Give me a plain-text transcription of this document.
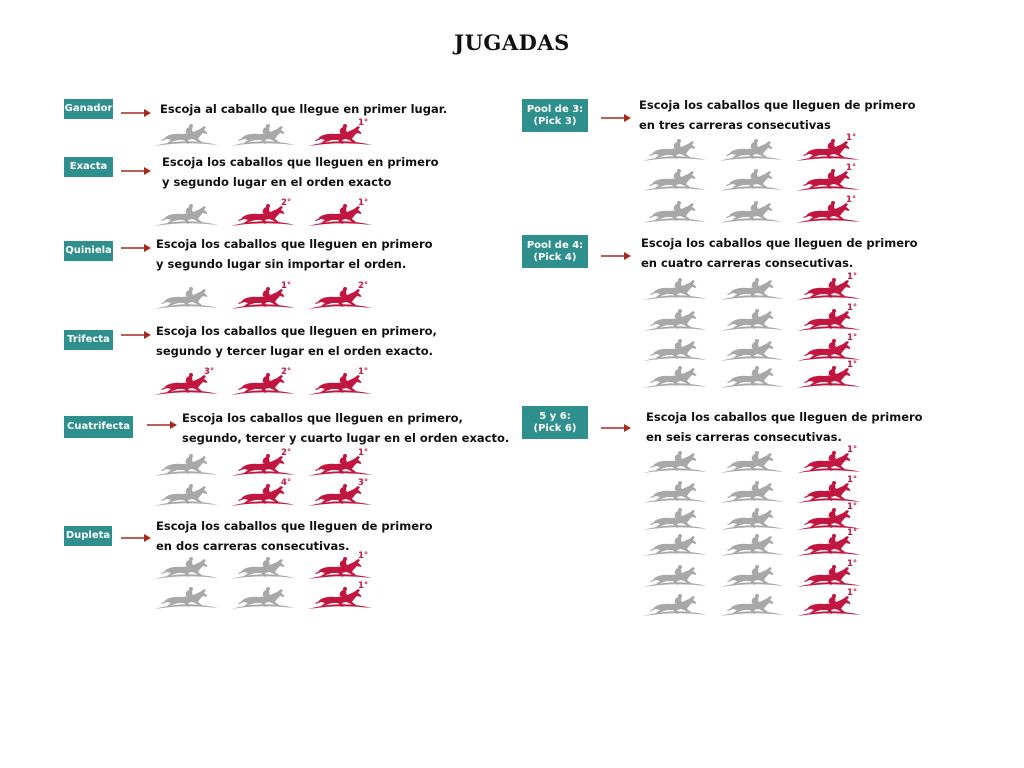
JUGADAS
Ganador	Escoja al caballo que llegue en primer lugar.
1°
Exacta	Escoja los caballos que lleguen en primero
y segundo lugar en el orden exacto
2°	1°
Quiniela	Escoja los caballos que lleguen en primero
y segundo lugar sin importar el orden.
1°	2°
Trifecta
Escoja los caballos que lleguen en primero,
segundo y tercer lugar en el orden exacto.
3°	2°	1°
Cuatrifecta
Escoja los caballos que lleguen en primero,
segundo, tercer y cuarto lugar en el orden exacto.
2°	1°
4°	3°
Dupleta
Escoja los caballos que lleguen de primero
en dos carreras consecutivas.
1°
1°
Pool de 3: (Pick 3)
Escoja los caballos que lleguen de primero
en tres carreras consecutivas
1°
1°
1°
Pool de 4: (Pick 4)
Escoja los caballos que lleguen de primero
en cuatro carreras consecutivas.
1°
1°
1°
1°
5 y 6: (Pick 6)
Escoja los caballos que lleguen de primero
en seis carreras consecutivas.
1°
1°
1°
1°
1°
1°
